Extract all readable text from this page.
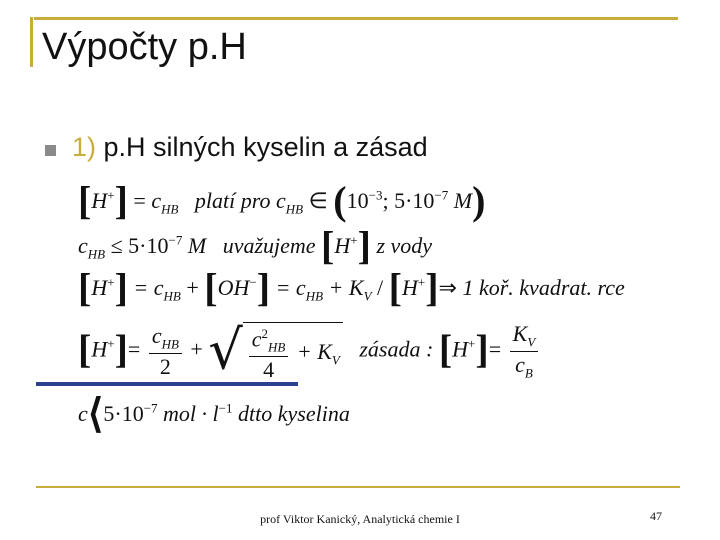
Výpočty p.H
1) p.H silných kyselin a zásad
$[H^+] = c_{HB}$ platí pro $c_{HB}$ ∈ ($10^{-3}$; $5\cdot 10^{-7}$ M)
$c_{HB} \le 5\cdot 10^{-7}$ M uvažujeme [H+] z vody
$[H^+] = c_{HB} + [OH^-] = c_{HB} + K_V$ / [H+]⇒ 1 koř. kvadrat. rce
$[H^+]= \frac{c_{HB}}{2}$ + √ $\frac{c^2_{HB}}{4} + K_V$ zásada : $[H^+]= \frac{K_V}{c_B}$
$c⟨5\cdot 10^{-7}$ mol · $l^{-1}$ dtto kyselina
prof Viktor Kanický, Analytická chemie I	47
